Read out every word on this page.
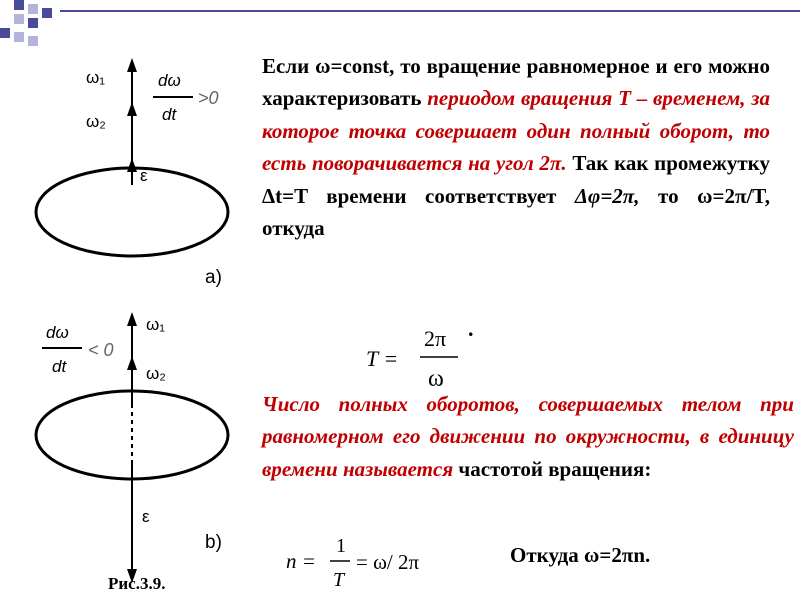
ω₁
ω₂
dω
dt
>0
ε
a)
ω₁
ω₂
dω
dt
< 0
ε
b)
Рис.3.9.
Если ω=const, то вращение равномерное и его можно характеризовать периодом вращения T – временем, за которое точка совершает один полный оборот, то есть поворачивается на угол 2π. Так как промежутку Δt=T времени соответствует Δφ=2π, то ω=2π/T, откуда
.
T =
2π
ω
Число полных оборотов, совершаемых телом при равномерном его движении по окружности, в единицу времени называется частотой вращения:
n =
1
T
= ω/ 2π	Откуда ω=2πn.
